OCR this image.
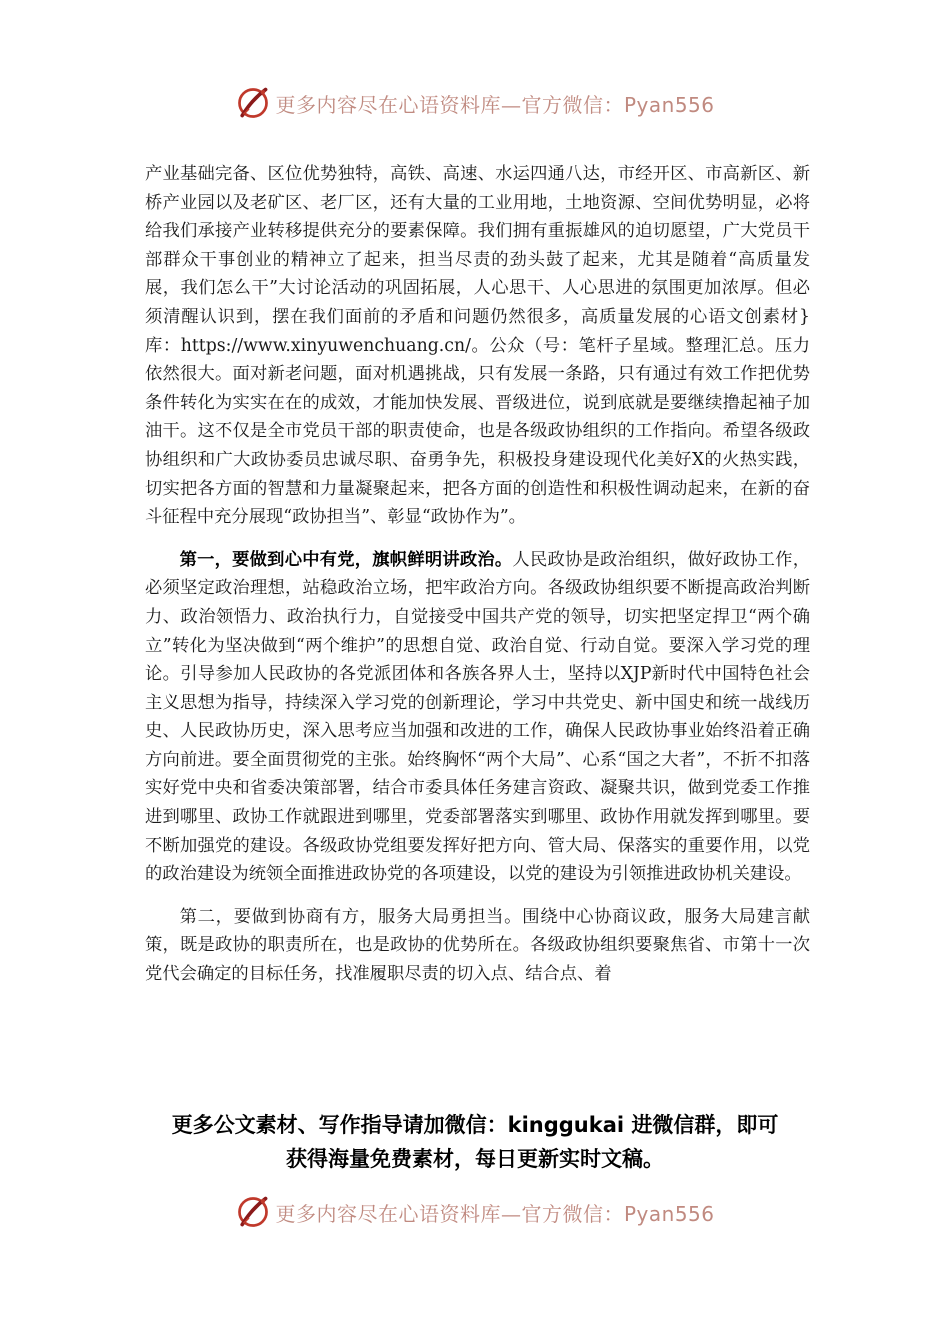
更多内容尽在心语资料库—官方微信：Pyan556

产业基础完备、区位优势独特，高铁、高速、水运四通八达，市经开区、市高新区、新桥产业园以及老矿区、老厂区，还有大量的工业用地，土地资源、空间优势明显，必将给我们承接产业转移提供充分的要素保障。我们拥有重振雄风的迫切愿望，广大党员干部群众干事创业的精神立了起来，担当尽责的劲头鼓了起来，尤其是随着“高质量发展，我们怎么干”大讨论活动的巩固拓展，人心思干、人心思进的氛围更加浓厚。但必须清醒认识到，摆在我们面前的矛盾和问题仍然很多，高质量发展的心语文创素材}库：https://www.xinyuwenchuang.cn/。公众（号：笔杆子星域。整理汇总。压力依然很大。面对新老问题，面对机遇挑战，只有发展一条路，只有通过有效工作把优势条件转化为实实在在的成效，才能加快发展、晋级进位，说到底就是要继续撸起袖子加油干。这不仅是全市党员干部的职责使命，也是各级政协组织的工作指向。希望各级政协组织和广大政协委员忠诚尽职、奋勇争先，积极投身建设现代化美好X的火热实践，切实把各方面的智慧和力量凝聚起来，把各方面的创造性和积极性调动起来，在新的奋斗征程中充分展现“政协担当”、彰显“政协作为”。

第一，要做到心中有党，旗帜鲜明讲政治。人民政协是政治组织，做好政协工作，必须坚定政治理想，站稳政治立场，把牢政治方向。各级政协组织要不断提高政治判断力、政治领悟力、政治执行力，自觉接受中国共产党的领导，切实把坚定捍卫“两个确立”转化为坚决做到“两个维护”的思想自觉、政治自觉、行动自觉。要深入学习党的理论。引导参加人民政协的各党派团体和各族各界人士，坚持以XJP新时代中国特色社会主义思想为指导，持续深入学习党的创新理论，学习中共党史、新中国史和统一战线历史、人民政协历史，深入思考应当加强和改进的工作，确保人民政协事业始终沿着正确方向前进。要全面贯彻党的主张。始终胸怀“两个大局”、心系“国之大者”，不折不扣落实好党中央和省委决策部署，结合市委具体任务建言资政、凝聚共识，做到党委工作推进到哪里、政协工作就跟进到哪里，党委部署落实到哪里、政协作用就发挥到哪里。要不断加强党的建设。各级政协党组要发挥好把方向、管大局、保落实的重要作用，以党的政治建设为统领全面推进政协党的各项建设，以党的建设为引领推进政协机关建设。

第二，要做到协商有方，服务大局勇担当。围绕中心协商议政，服务大局建言献策，既是政协的职责所在，也是政协的优势所在。各级政协组织要聚焦省、市第十一次党代会确定的目标任务，找准履职尽责的切入点、结合点、着

更多公文素材、写作指导请加微信：kinggukai 进微信群，即可
获得海量免费素材，每日更新实时文稿。
更多内容尽在心语资料库—官方微信：Pyan556
